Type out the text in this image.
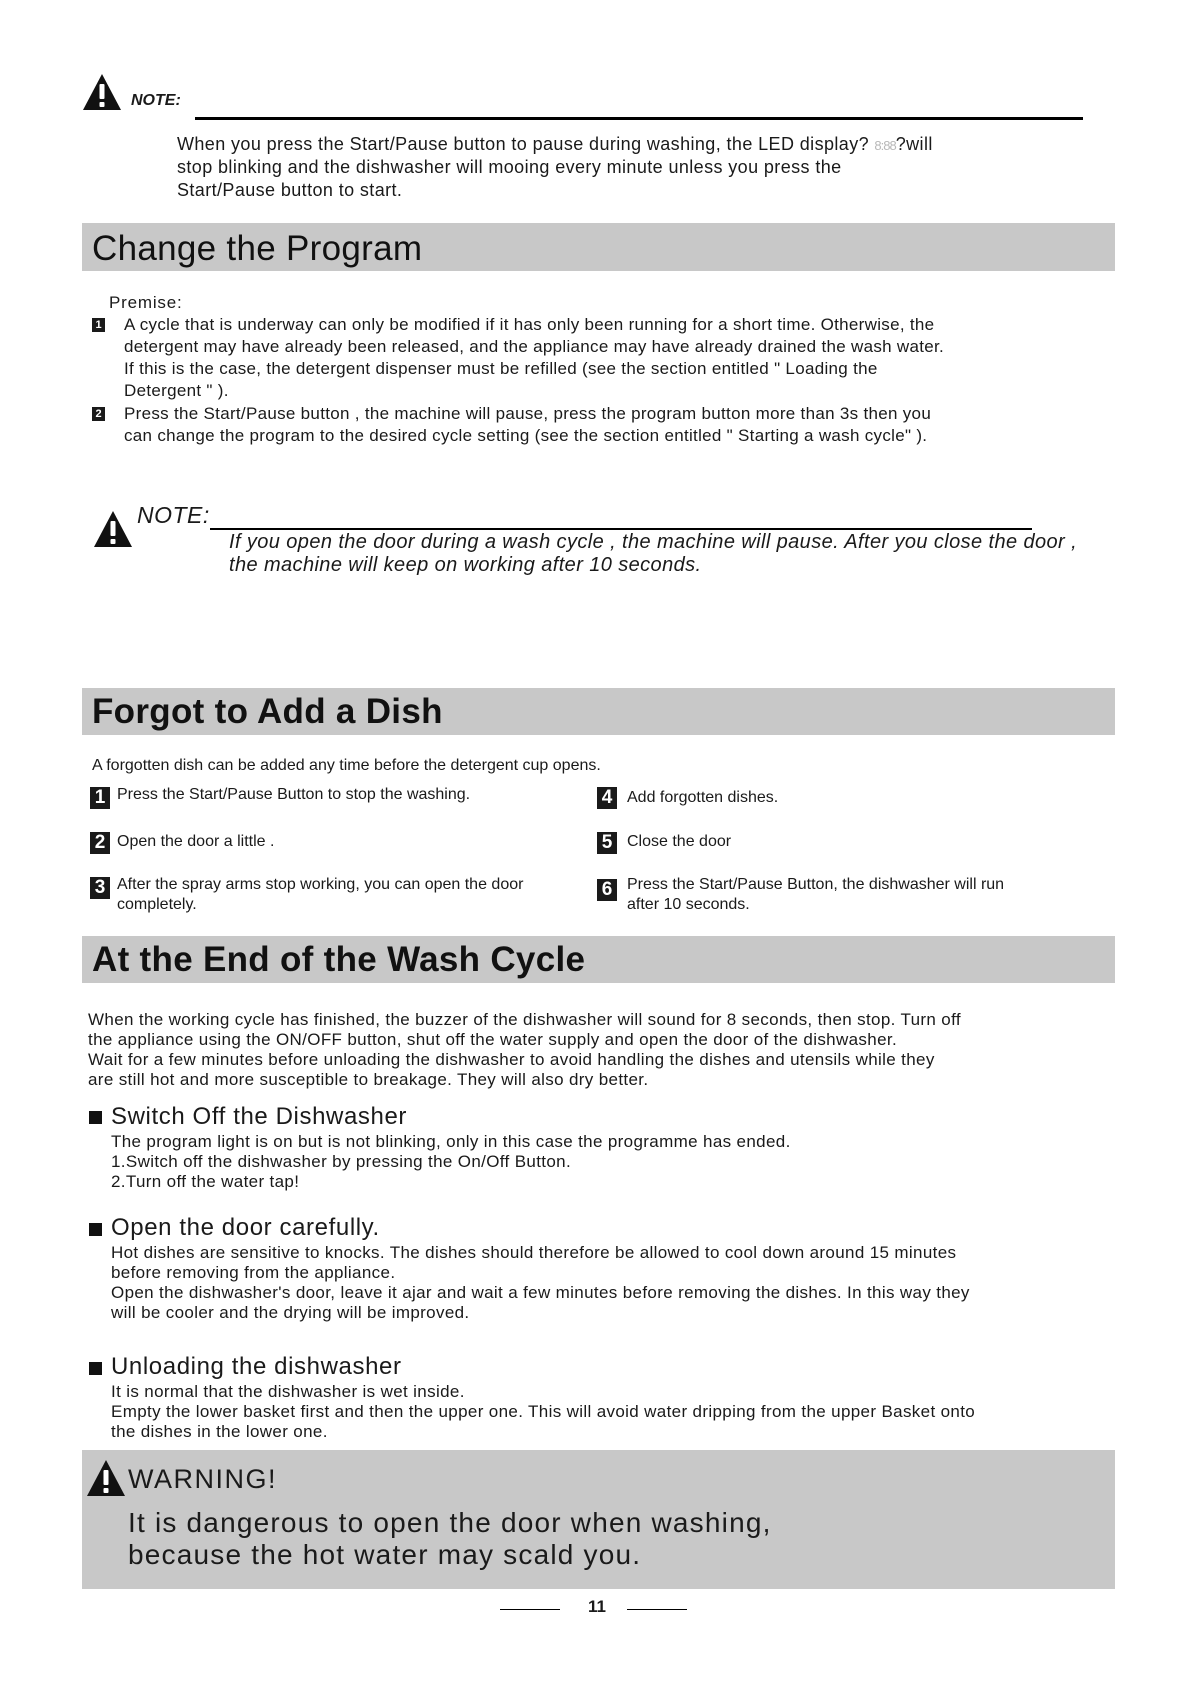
NOTE:
When you press the Start/Pause button to pause during washing, the LED display? 8:88?will
stop blinking and the dishwasher will mooing every minute unless you press the
Start/Pause button to start.
Change the Program
Premise:
1 A cycle that is underway can only be modified if it has only been running for a short time. Otherwise, the
detergent may have already been released, and the appliance may have already drained the wash water.
If this is the case, the detergent dispenser must be refilled (see the section entitled " Loading the
Detergent " ).
2 Press the Start/Pause button , the machine will pause, press the program button more than 3s then you
can change the program to the desired cycle setting (see the section entitled " Starting a wash cycle" ).
NOTE:
If you open the door during a wash cycle , the machine will pause. After you close the door ,
the machine will keep on working after 10 seconds.
Forgot to Add a Dish
A forgotten dish can be added any time before the detergent cup opens.
1 Press the Start/Pause Button to stop the washing.
2 Open the door a little .
3 After the spray arms stop working, you can open the door
completely.
4 Add forgotten dishes.
5 Close the door
6 Press the Start/Pause Button, the dishwasher will run
after 10 seconds.
At the End of the Wash Cycle
When the working cycle has finished, the buzzer of the dishwasher will sound for 8 seconds, then stop. Turn off
the appliance using the ON/OFF button, shut off the water supply and open the door of the dishwasher.
Wait for a few minutes before unloading the dishwasher to avoid handling the dishes and utensils while they
are still hot and more susceptible to breakage. They will also dry better.
Switch Off the Dishwasher
The program light is on but is not blinking, only in this case the programme has ended.
1.Switch off the dishwasher by pressing the On/Off Button.
2.Turn off the water tap!
Open the door carefully.
Hot dishes are sensitive to knocks. The dishes should therefore be allowed to cool down around 15 minutes
before removing from the appliance.
Open the dishwasher's door, leave it ajar and wait a few minutes before removing the dishes. In this way they
will be cooler and the drying will be improved.
Unloading the dishwasher
It is normal that the dishwasher is wet inside.
Empty the lower basket first and then the upper one. This will avoid water dripping from the upper Basket onto
the dishes in the lower one.
WARNING!
It is dangerous to open the door when washing,
because the hot water may scald you.
11
